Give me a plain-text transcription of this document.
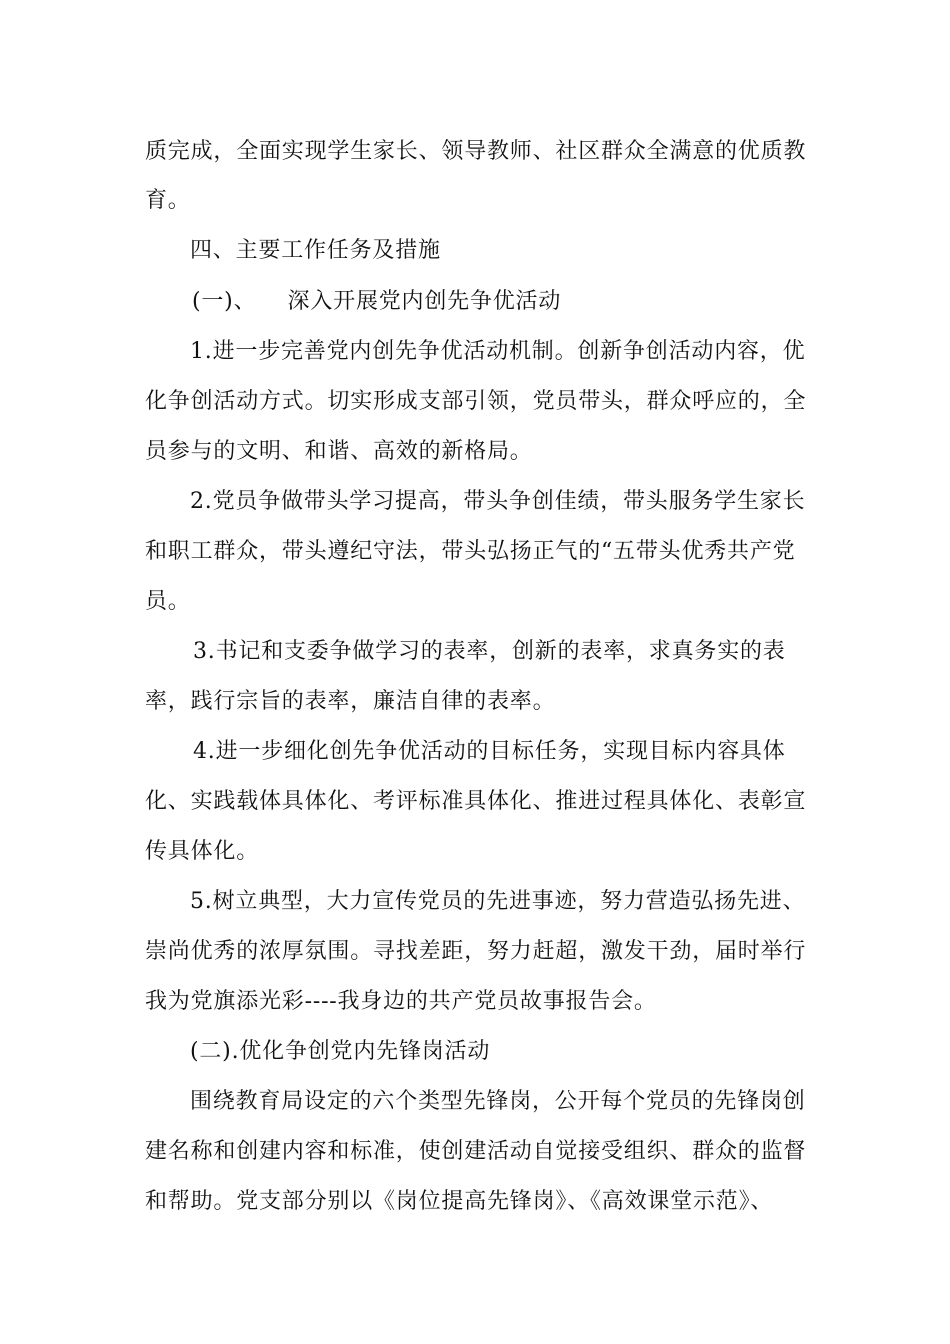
质完成，全面实现学生家长、领导教师、社区群众全满意的优质教
育。
四、主要工作任务及措施
(一)、    深入开展党内创先争优活动
1.进一步完善党内创先争优活动机制。创新争创活动内容，优
化争创活动方式。切实形成支部引领，党员带头，群众呼应的，全
员参与的文明、和谐、高效的新格局。
2.党员争做带头学习提高，带头争创佳绩，带头服务学生家长
和职工群众，带头遵纪守法，带头弘扬正气的“五带头优秀共产党
员。
3.书记和支委争做学习的表率，创新的表率，求真务实的表
率，践行宗旨的表率，廉洁自律的表率。
4.进一步细化创先争优活动的目标任务，实现目标内容具体
化、实践载体具体化、考评标准具体化、推进过程具体化、表彰宣
传具体化。
5.树立典型，大力宣传党员的先进事迹，努力营造弘扬先进、
崇尚优秀的浓厚氛围。寻找差距，努力赶超，激发干劲，届时举行
我为党旗添光彩----我身边的共产党员故事报告会。
(二).优化争创党内先锋岗活动
围绕教育局设定的六个类型先锋岗，公开每个党员的先锋岗创
建名称和创建内容和标准，使创建活动自觉接受组织、群众的监督
和帮助。党支部分别以《岗位提高先锋岗》、《高效课堂示范》、
